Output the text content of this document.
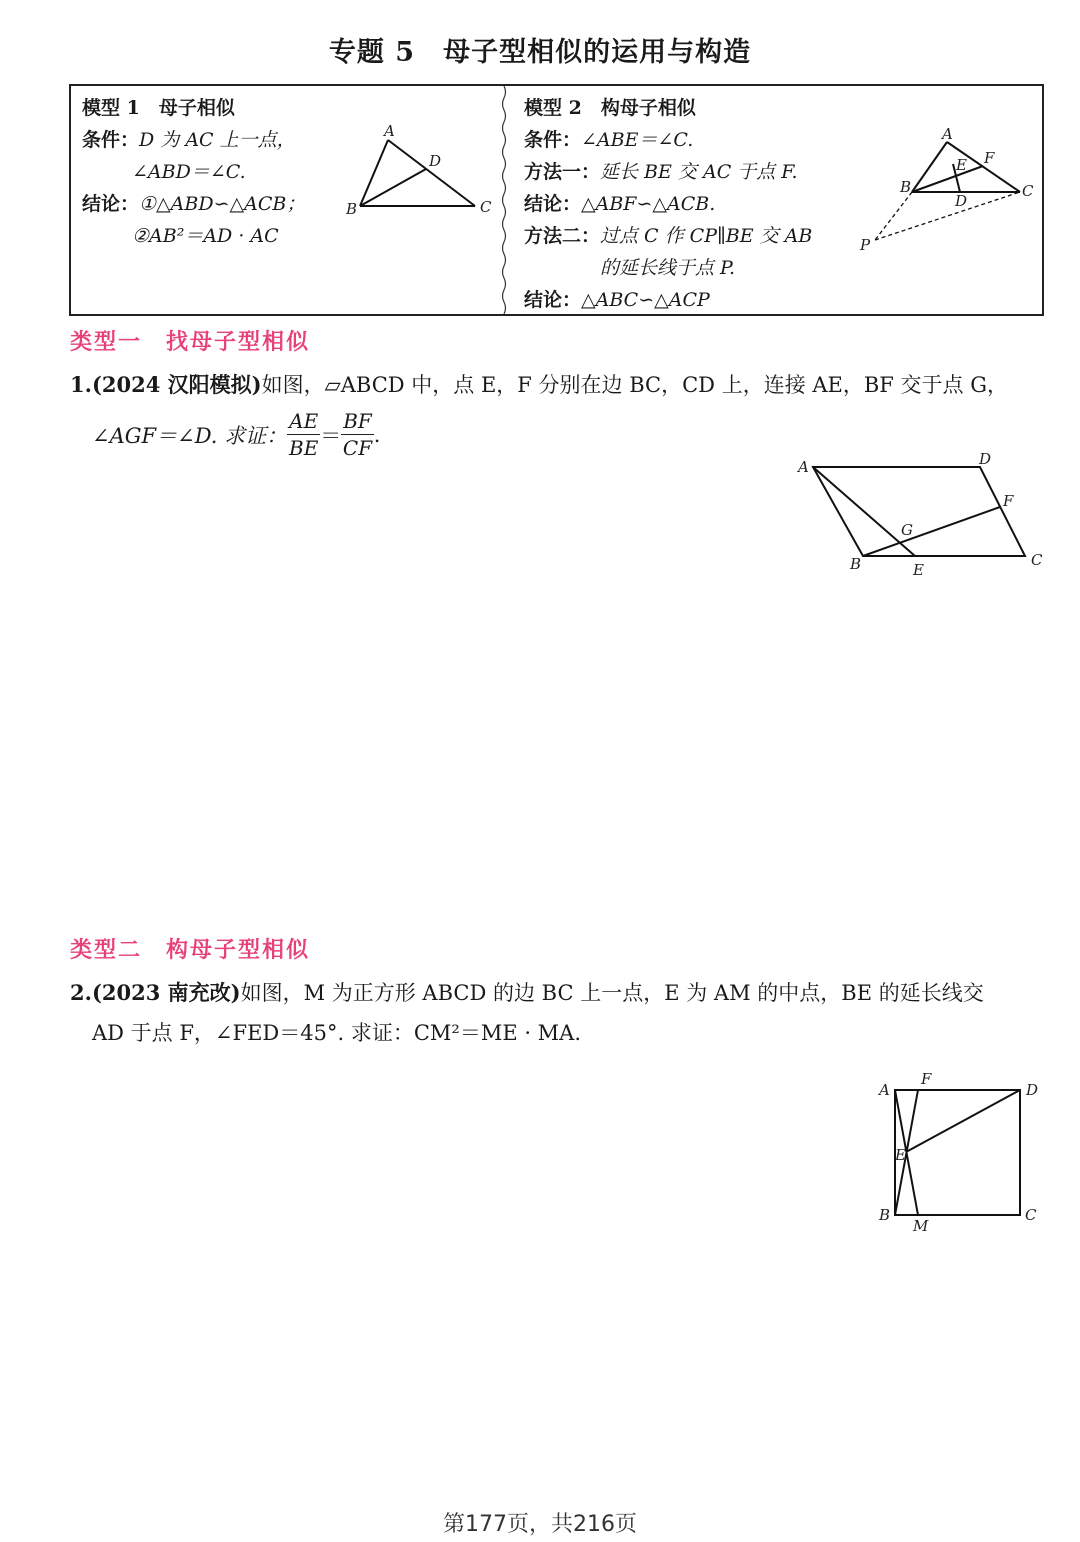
专题 5　母子型相似的运用与构造
模型 1　母子相似
条件：D 为 AC 上一点，
∠ABD＝∠C.
结论：①△ABD∽△ACB；
②AB²＝AD · AC
A
B	C
D
模型 2　构母子相似
条件：∠ABE＝∠C.
方法一：延长 BE 交 AC 于点 F.
结论：△ABF∽△ACB.
方法二：过点 C 作 CP∥BE 交 AB
的延长线于点 P.
结论：△ABC∽△ACP
A
B	C
D
E F
P
类型一　找母子型相似
1.(2024 汉阳模拟)如图，▱ABCD 中，点 E，F 分别在边 BC，CD 上，连接 AE，BF 交于点 G，
∠AGF＝∠D. 求证： $\frac{AE}{BE} = \frac{BF}{CF}$ .
A
B	C
D
E
F
G
类型二　构母子型相似
2.(2023 南充改)如图，M 为正方形 ABCD 的边 BC 上一点，E 为 AM 的中点，BE 的延长线交
AD 于点 F，∠FED＝45°. 求证：CM²＝ME · MA.
A
B	C
D
E
F
M
第177页，共216页
